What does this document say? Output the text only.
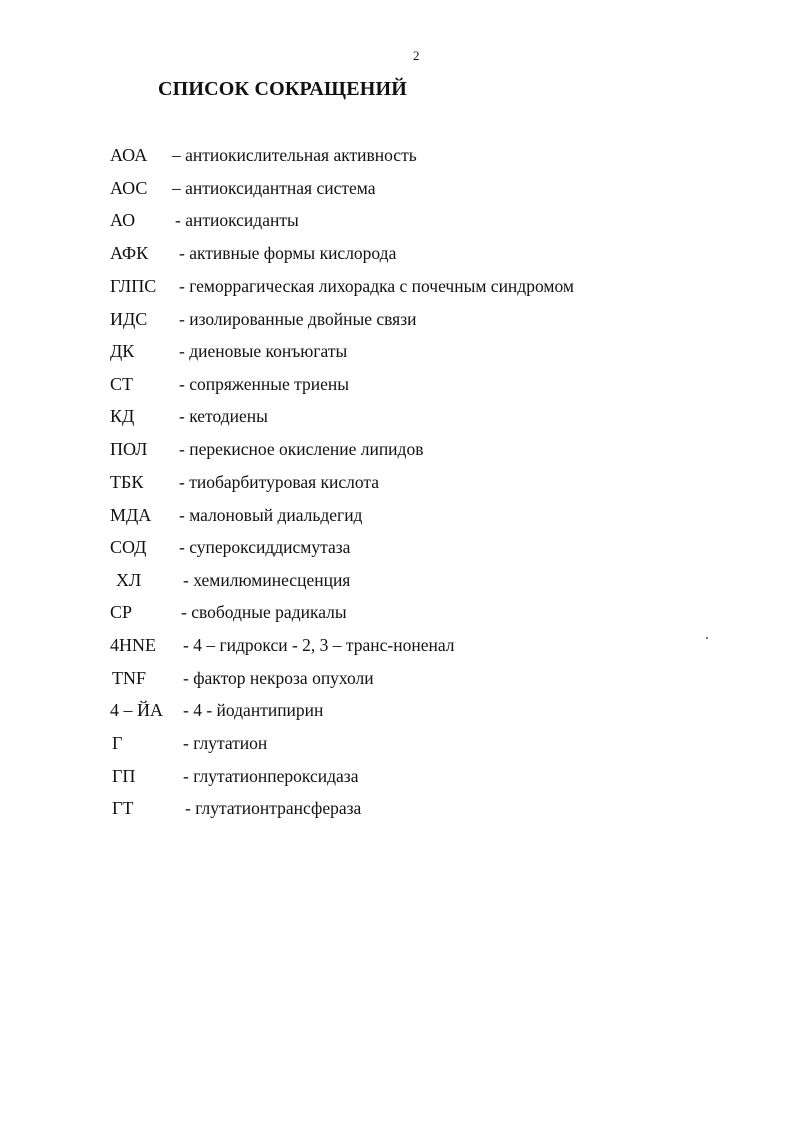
2
СПИСОК СОКРАЩЕНИЙ
АОА – антиокислительная активность
АОС – антиоксидантная система
АО - антиоксиданты
АФК - активные формы кислорода
ГЛПС - геморрагическая лихорадка с почечным синдромом
ИДС - изолированные двойные связи
ДК	- диеновые конъюгаты
СТ	- сопряженные триены
КД	- кетодиены
ПОЛ - перекисное окисление липидов
ТБК - тиобарбитуровая кислота
МДА - малоновый диальдегид
СОД - супероксиддисмутаза
ХЛ - хемилюминесценция
СР	- свободные радикалы
4HNE - 4 – гидрокси - 2, 3 – транс-ноненал
TNF - фактор некроза опухоли
4 – ЙА - 4 - йодантипирин
Г	- глутатион
ГП	- глутатионпероксидаза
ГТ	- глутатионтрансфераза
